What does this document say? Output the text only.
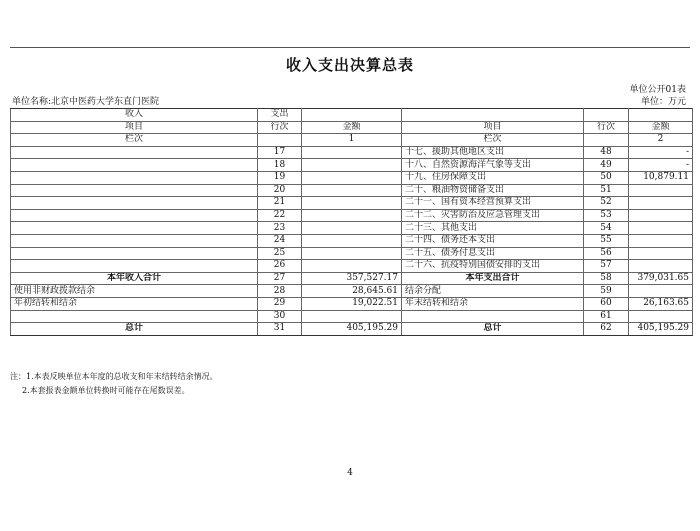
收入支出决算总表
单位公开01表
单位名称:北京中医药大学东直门医院	单位：万元
收入	支出				
项目	行次	金额	项目	行次	金额
栏次		1	栏次		2
	17		十七、援助其他地区支出	48	-
	18		十八、自然资源海洋气象等支出	49	-
	19		十九、住房保障支出	50	10,879.11
	20		二十、粮油物资储备支出	51	
	21		二十一、国有资本经营预算支出	52	
	22		二十二、灾害防治及应急管理支出	53	
	23		二十三、其他支出	54	
	24		二十四、债务还本支出	55	
	25		二十五、债务付息支出	56	
	26		二十六、抗疫特别国债安排的支出	57	
本年收入合计	27	357,527.17	本年支出合计	58	379,031.65
使用非财政拨款结余	28	28,645.61	结余分配	59	
年初结转和结余	29	19,022.51	年末结转和结余	60	26,163.65
	30			61	
总计	31	405,195.29	总计	62	405,195.29
注：1.本表反映单位本年度的总收支和年末结转结余情况。
2.本套报表金额单位转换时可能存在尾数误差。
4
